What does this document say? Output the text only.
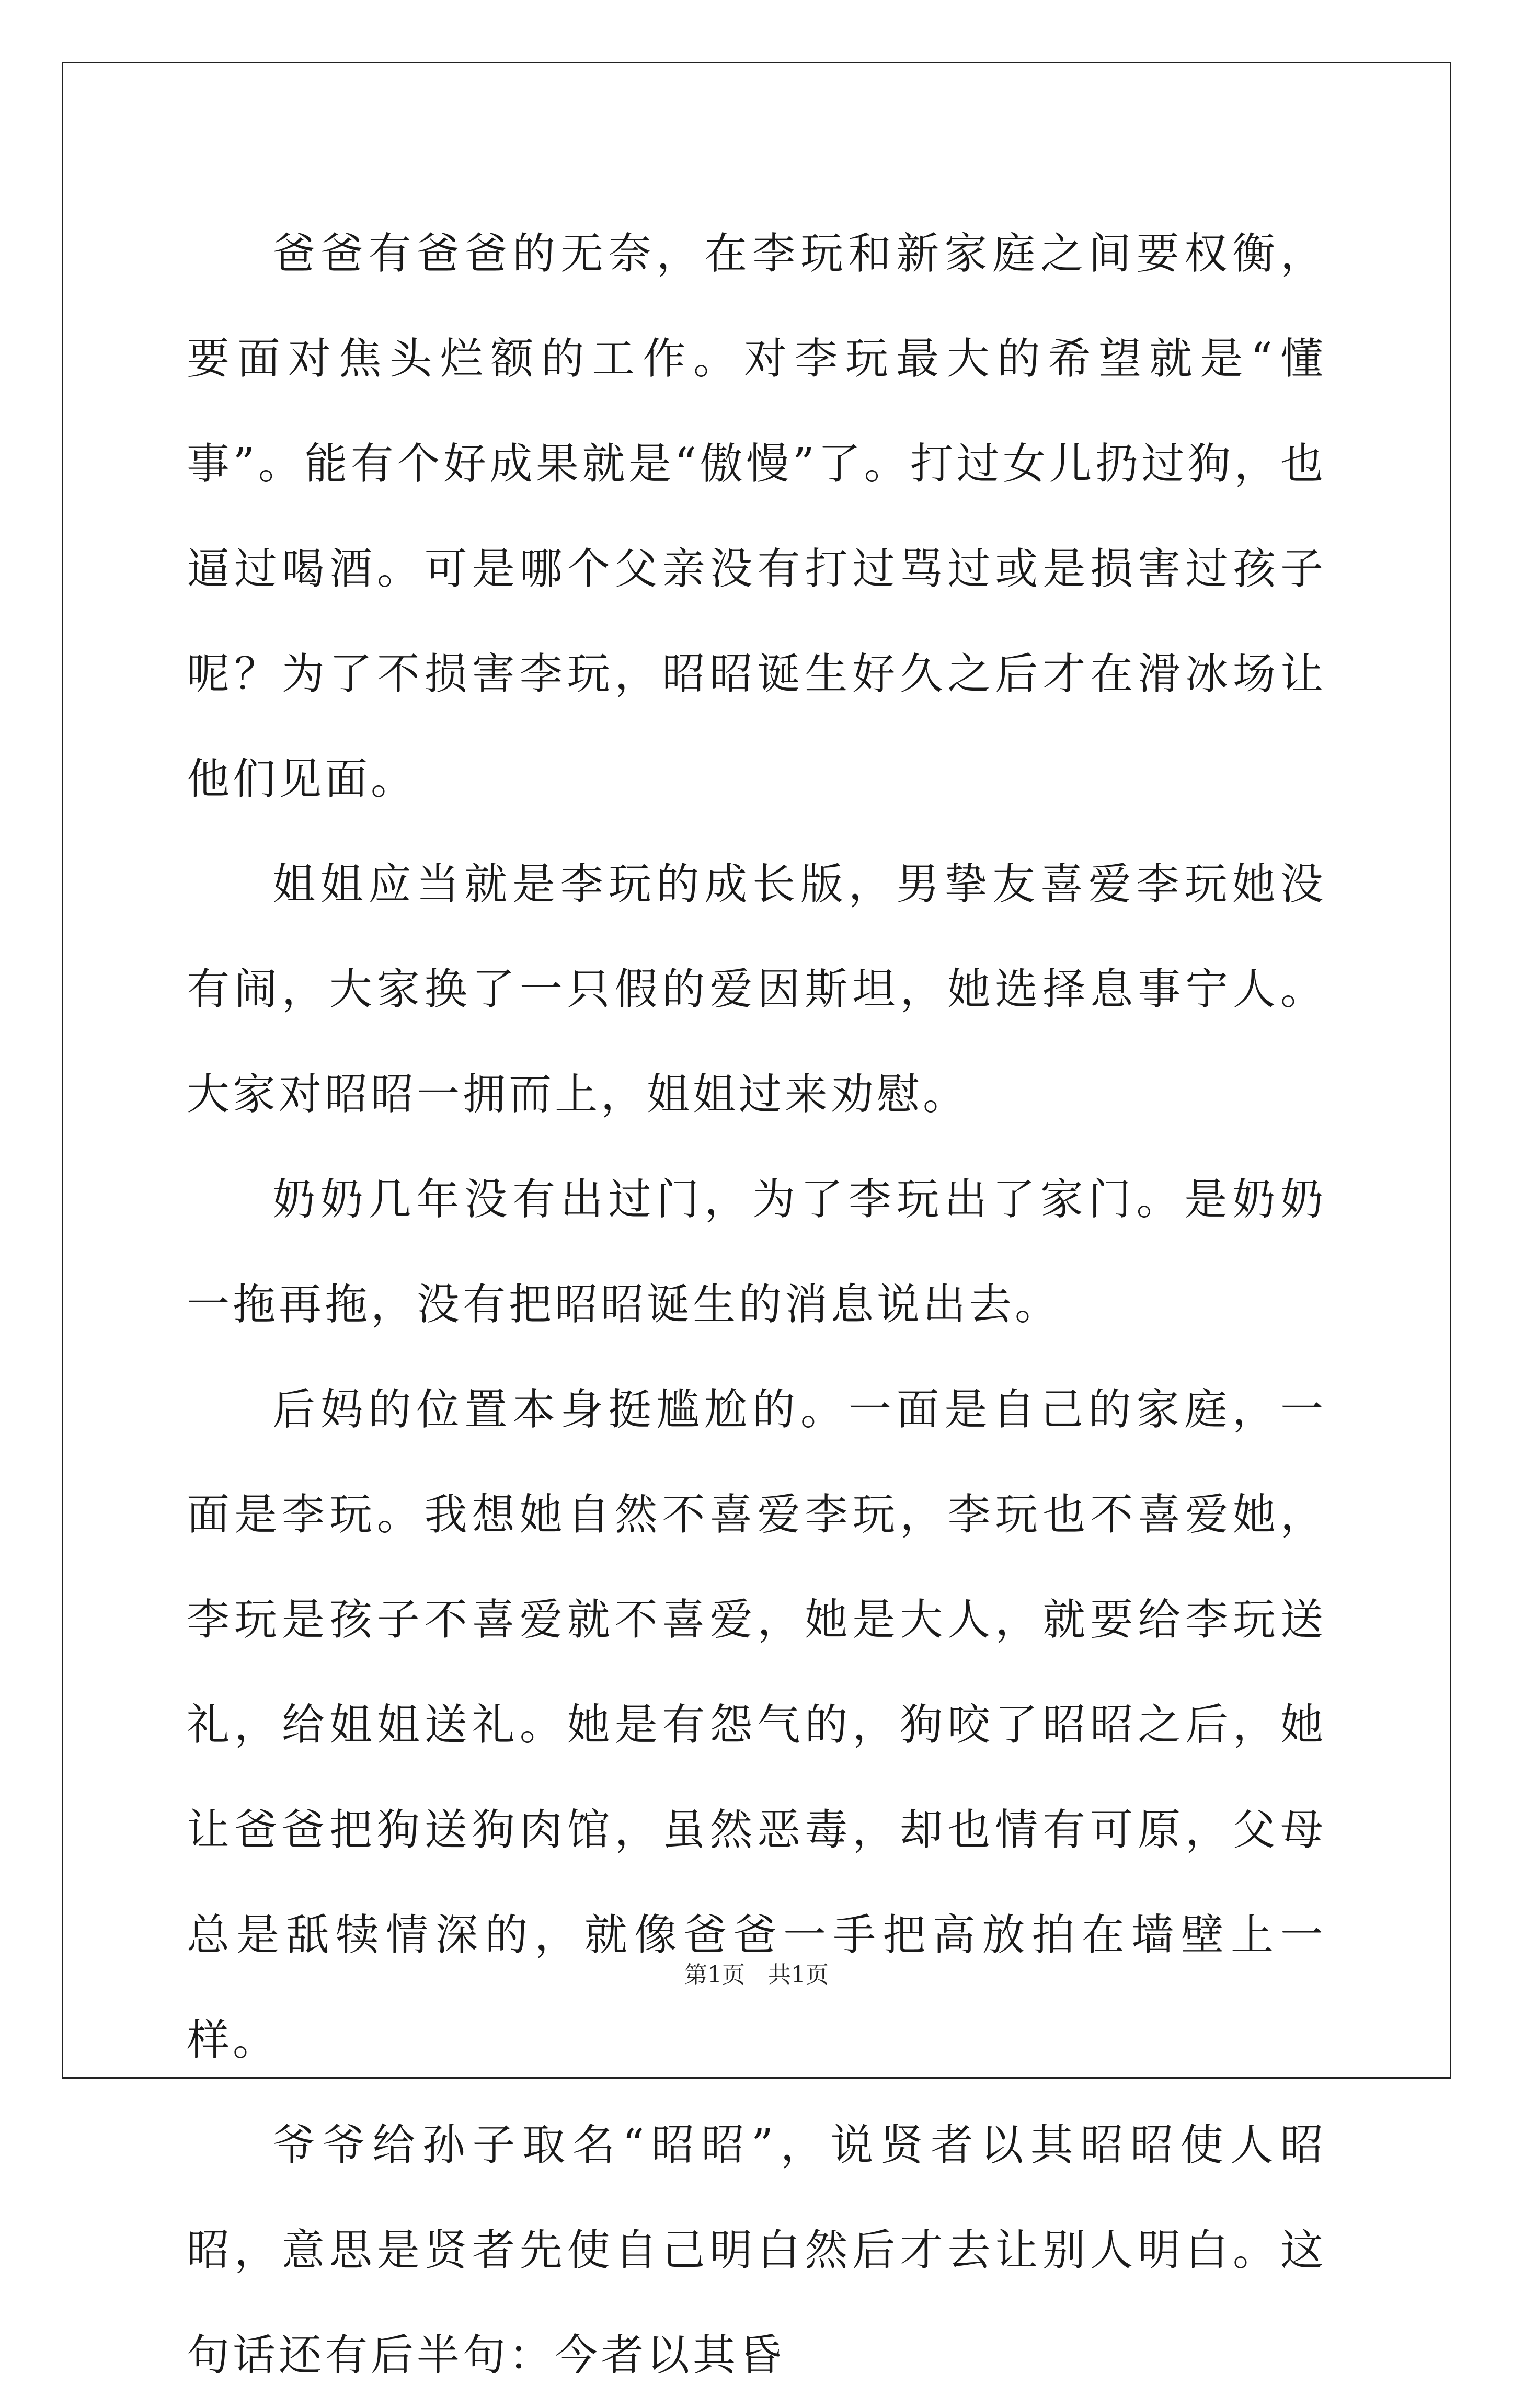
爸爸有爸爸的无奈，在李玩和新家庭之间要权衡，要面对焦头烂额的工作。对李玩最大的希望就是“懂事”。能有个好成果就是“傲慢”了。打过女儿扔过狗，也逼过喝酒。可是哪个父亲没有打过骂过或是损害过孩子呢？为了不损害李玩，昭昭诞生好久之后才在滑冰场让他们见面。

姐姐应当就是李玩的成长版，男挚友喜爱李玩她没有闹，大家换了一只假的爱因斯坦，她选择息事宁人。大家对昭昭一拥而上，姐姐过来劝慰。

奶奶几年没有出过门，为了李玩出了家门。是奶奶一拖再拖，没有把昭昭诞生的消息说出去。

后妈的位置本身挺尴尬的。一面是自己的家庭，一面是李玩。我想她自然不喜爱李玩，李玩也不喜爱她，李玩是孩子不喜爱就不喜爱，她是大人，就要给李玩送礼，给姐姐送礼。她是有怨气的，狗咬了昭昭之后，她让爸爸把狗送狗肉馆，虽然恶毒，却也情有可原，父母总是舐犊情深的，就像爸爸一手把高放拍在墙壁上一样。

爷爷给孙子取名“昭昭”，说贤者以其昭昭使人昭昭，意思是贤者先使自己明白然后才去让别人明白。这句话还有后半句：今者以其昏

第1页　共1页
